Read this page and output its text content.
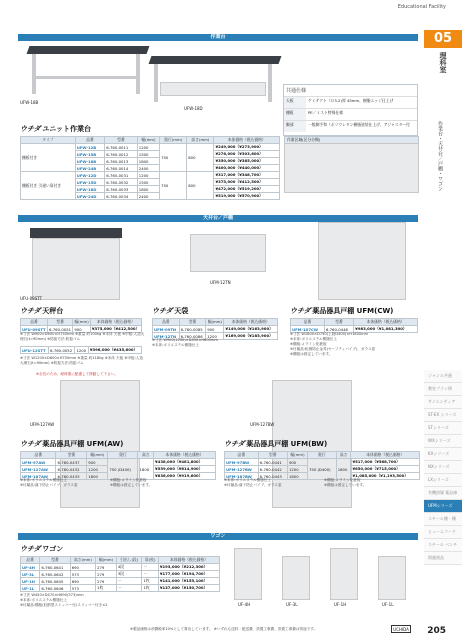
Educational Facility
05
理科室
作業台・天井台／戸棚・ワゴン
ジャンル共通
教室プラン例
サイエンティア
ST-EX シリーズ
STシリーズ
WXシリーズ
KXシリーズ
NXシリーズ
LXシリーズ
有機溶媒 薬品庫
UFMシリーズ
スチール棚・棚
ヒュームフード
スチール ベンチ
関連商品
作業台
UFW-18B
UFW-18D
共通仕様
天板	ケミテクト（ロ3.2)厚 45mm、樹脂エッジ仕上げ
棚板	PE／ミスト特殊仕様
脚部	一般脚手和（ポリウレタン樹脂塗装仕上げ、アジャスター付
ウチダ ユニット作業台
タイプ	品番	型番	幅(mm)	奥行(mm)	高さ(mm)	本体価格（税込価格）
棚板付き	UFW-12B	6-760-0011	1200	750	800	¥249,000（¥273,900）
	UFW-15B	6-760-0012	1500			¥276,000（¥303,600）
	UFW-18B	6-760-0013	1800			¥350,000（¥385,000）
	UFW-24B	6-760-0014	2400			¥400,000（¥440,000）
棚板付き 引違い扉付き	UFW-12D	6-760-0031	1200	750	800	¥317,000（¥348,700）
	UFW-15D	6-760-0032	1500			¥375,000（¥412,500）
	UFW-18D	6-760-0033	1800			¥472,000（¥519,200）
	UFW-24D	6-760-0034	2400			¥519,000（¥570,900）
作業区域(区分分類)
天井台／戸棚
UFU-09STT
UFM-12TN
ウチダ 天秤台
品番	型番	幅(mm)	本体価格（税込価格）
UFU-09STT	6-760-0051	900	¥375,000（¥412,500）
※寸法 W900×D600×H750mm ※重量 約100kg ※本体 天板 ※甲板:人造大理石(t=90mm) ※防振方法:防振ゴム
UFU-12STT	6-760-0052	1200	¥396,000（¥435,600）
※寸法 W1200×D600×H750mm ※重量 約118kg ※本体 天板 ※甲板:人造大理石(t=90mm) ※防振方法:防振ゴム
※全長のため、耐荷重に配慮して移動して下さい。
ウチダ 天袋
品番	型番	幅(mm)	本体価格（税込価格）
UFM-09TN	6-760-0085	900	¥149,000（¥163,900）
UFM-12TN	6-760-0086	1200	¥169,000（¥185,900）
※寸法 W900(1200)×D450×H600mm
※本体:ポリエステル樹脂仕上
ウチダ 薬品器具戸棚 UFM(CW)
品番	型番	本体価格（税込価格）
UFM-107CW	6-760-0446	¥983,000（¥1,081,300）
※寸法 W1800×D750(上段D400)×H1800mm
※本体:ポリエステル樹脂仕上
※棚板:メラミン化粧板
※付属品:転倒防止金具(セーフティバイブ)、ガラス窓
※棚板は固定しています。
UFM-127AW	UFM-127BW
ウチダ 薬品器具戸棚 UFM(AW)
品番	型番	幅(mm)	奥行	高さ	本体価格（税込価格）
UFM-97AW	6-760-0437	900	750 (D400)	1800	¥438,000（¥481,800）
UFM-127AW	6-760-0432	1200			¥559,000（¥614,900）
UFM-187AW	6-760-0433	1800			¥836,000（¥919,600）
※本体:ポリエステル樹脂仕上
※付属品:落下防止バイブ、ガラス窓
※棚板:メラミン化粧板
※棚板は固定しています。
ウチダ 薬品器具戸棚 UFM(BW)
品番	型番	幅(mm)	奥行	高さ	本体価格（税込価格）
UFM-97BW	6-760-0441	900	750 (D400)	1800	¥517,000（¥568,700）
UFM-127BW	6-760-0442	1200			¥650,000（¥715,000）
UFM-187BW	6-760-0443	1800			¥1,085,000（¥1,193,500）
※本体:ポリエステル樹脂仕上
※付属品:落下防止バイブ、ガラス窓
※棚板:メラミン化粧板
※棚板は固定しています。
ワゴン
ウチダ ワゴン
品番	型番	高さ(mm)	幅(mm)	引出し(段)	扉(枚)	本体価格（税込価格）
UF-4H	6-760-0641	690	279	4段	－	¥193,000（¥212,300）
UF-3L	6-760-0642	573	279	3段	－	¥177,000（¥194,700）
UF-1H	6-760-0645	690	279	－	1枚	¥141,000（¥155,100）
UF-1L	6-760-0646	573	1枚	－	1枚	¥137,000（¥150,700）
※寸法 W450×D470×H690(573)mm
※本体:ポリエステル樹脂仕上
※付属品:棚板(収納型ストッパー付)スリッパー付き×2	UF-4H	UF-3L	UF-1H	UF-1L
※製品価格は消費税率10%として算出しています。 ※いずれも送料・配送費、設置工事費、設置工事費は別途です。	UCHIDA 205
